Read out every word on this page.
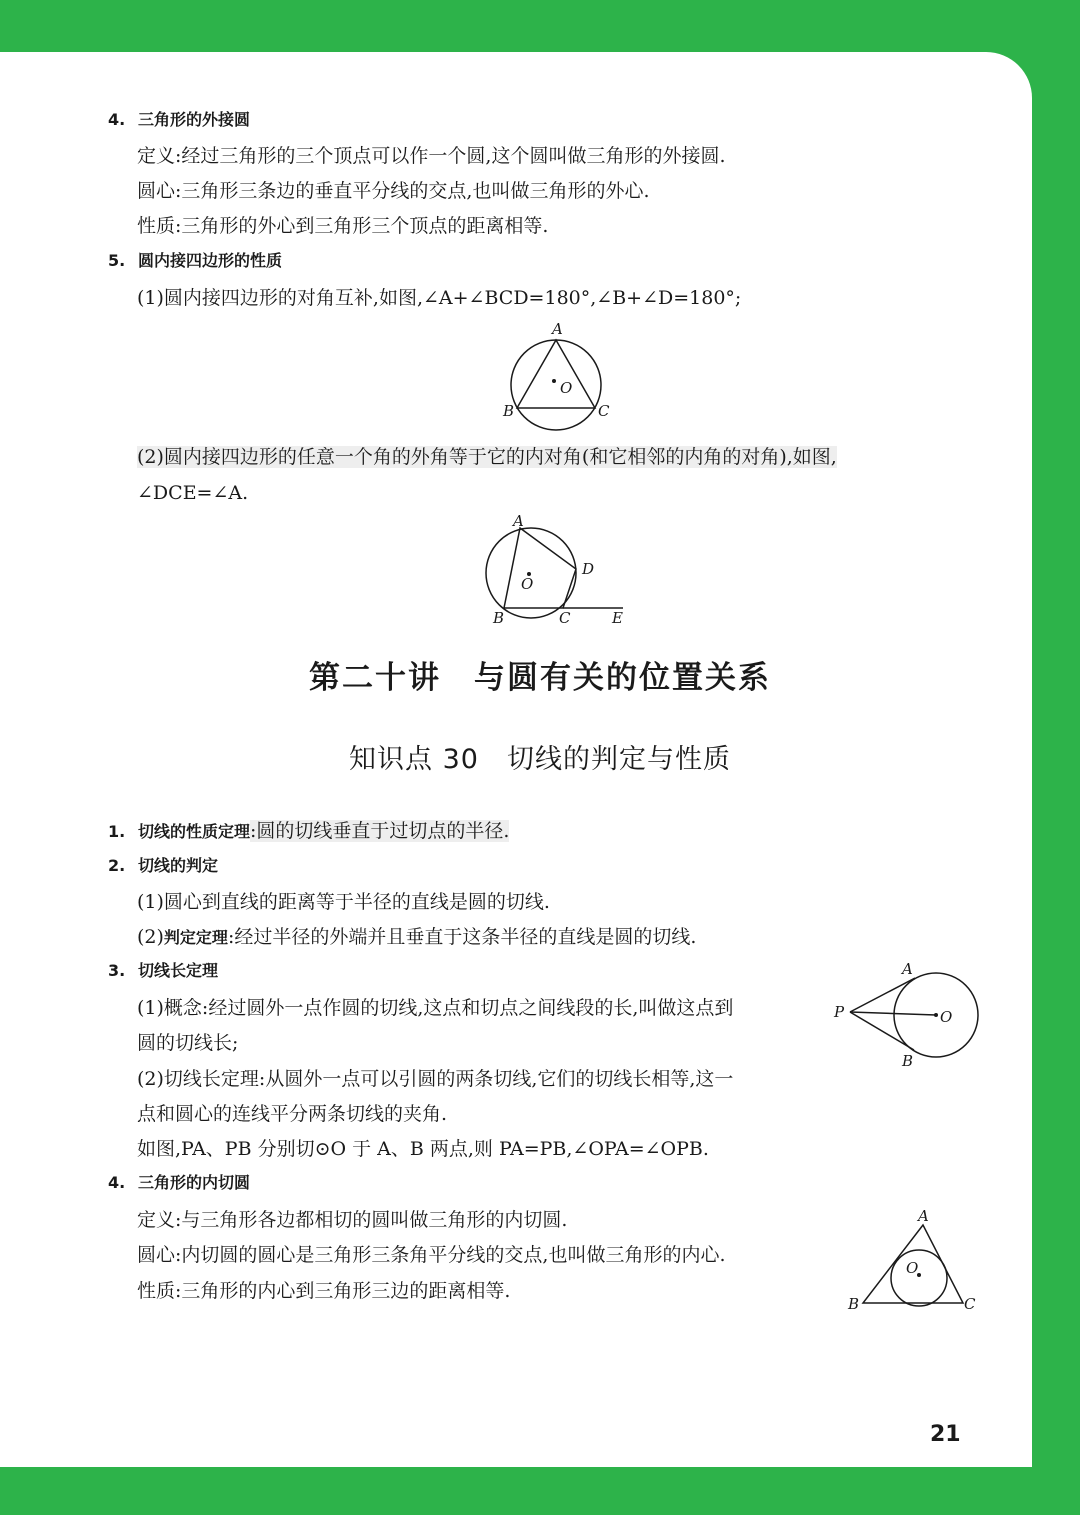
4. 三角形的外接圆
定义:经过三角形的三个顶点可以作一个圆,这个圆叫做三角形的外接圆.
圆心:三角形三条边的垂直平分线的交点,也叫做三角形的外心.
性质:三角形的外心到三角形三个顶点的距离相等.
5. 圆内接四边形的性质
(1)圆内接四边形的对角互补,如图,∠A+∠BCD=180°,∠B+∠D=180°;
A
O
B	C
(2)圆内接四边形的任意一个角的外角等于它的内对角(和它相邻的内角的对角),如图,
∠DCE=∠A.
A
D
O
B	C	E
第二十讲　与圆有关的位置关系
知识点 30　切线的判定与性质
1. 切线的性质定理:圆的切线垂直于过切点的半径.
2. 切线的判定
(1)圆心到直线的距离等于半径的直线是圆的切线.
(2)判定定理:经过半径的外端并且垂直于这条半径的直线是圆的切线.
3. 切线长定理
(1)概念:经过圆外一点作圆的切线,这点和切点之间线段的长,叫做这点到
圆的切线长;
(2)切线长定理:从圆外一点可以引圆的两条切线,它们的切线长相等,这一
点和圆心的连线平分两条切线的夹角.
如图,PA、PB 分别切⊙O 于 A、B 两点,则 PA=PB,∠OPA=∠OPB.
A
P	O
B
4. 三角形的内切圆
定义:与三角形各边都相切的圆叫做三角形的内切圆.
圆心:内切圆的圆心是三角形三条角平分线的交点,也叫做三角形的内心.
性质:三角形的内心到三角形三边的距离相等.
A
O
B	C
21
